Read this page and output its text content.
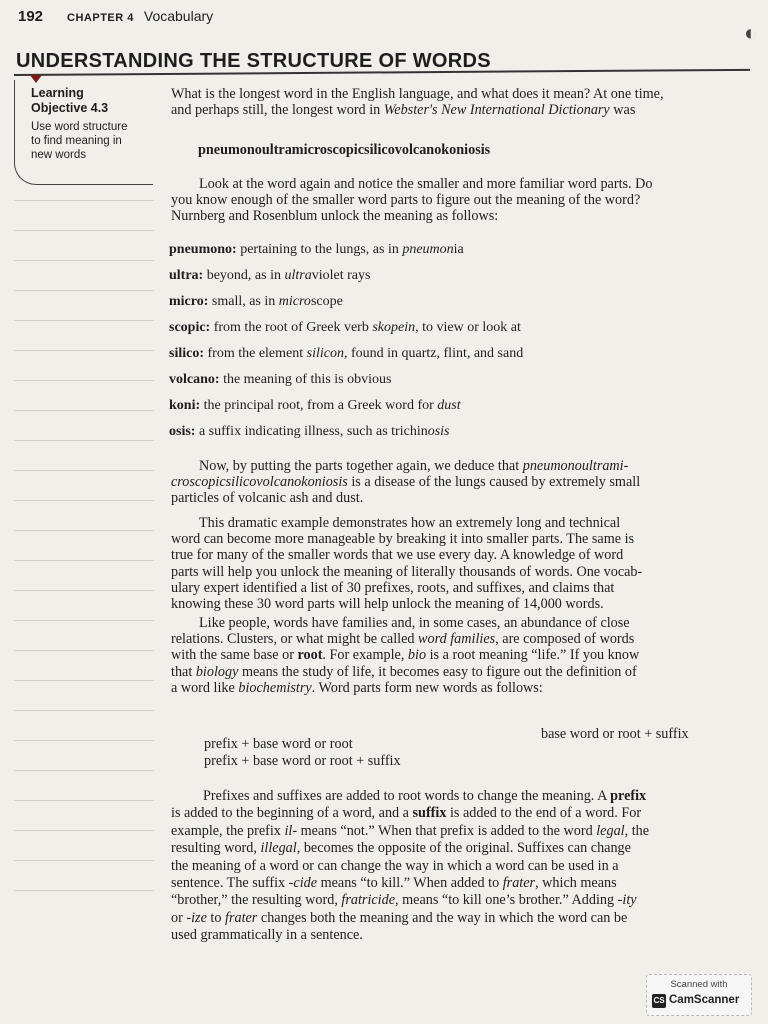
192 CHAPTER 4 Vocabulary
◐
UNDERSTANDING THE STRUCTURE OF WORDS
Learning
Objective 4.3
Use word structure
to find meaning in
new words

What is the longest word in the English language, and what does it mean? At one time,

and perhaps still, the longest word in Webster's New International Dictionary was

pneumonoultramicroscopicsilicovolcanokoniosis

Look at the word again and notice the smaller and more familiar word parts. Do

you know enough of the smaller word parts to figure out the meaning of the word?

Nurnberg and Rosenblum unlock the meaning as follows:

pneumono: pertaining to the lungs, as in pneumonia
ultra: beyond, as in ultraviolet rays
micro: small, as in microscope
scopic: from the root of Greek verb skopein, to view or look at
silico: from the element silicon, found in quartz, flint, and sand
volcano: the meaning of this is obvious
koni: the principal root, from a Greek word for dust
osis: a suffix indicating illness, such as trichinosis

Now, by putting the parts together again, we deduce that pneumonoultrami-

croscopicsilicovolcanokoniosis is a disease of the lungs caused by extremely small

particles of volcanic ash and dust.

This dramatic example demonstrates how an extremely long and technical

word can become more manageable by breaking it into smaller parts. The same is

true for many of the smaller words that we use every day. A knowledge of word

parts will help you unlock the meaning of literally thousands of words. One vocab-

ulary expert identified a list of 30 prefixes, roots, and suffixes, and claims that

knowing these 30 word parts will help unlock the meaning of 14,000 words.

Like people, words have families and, in some cases, an abundance of close

relations. Clusters, or what might be called word families, are composed of words

with the same base or root. For example, bio is a root meaning “life.” If you know

that biology means the study of life, it becomes easy to figure out the definition of

a word like biochemistry. Word parts form new words as follows:

prefix + base word or root
prefix + base word or root + suffix
base word or root + suffix

Prefixes and suffixes are added to root words to change the meaning. A prefix

is added to the beginning of a word, and a suffix is added to the end of a word. For

example, the prefix il- means “not.” When that prefix is added to the word legal, the

resulting word, illegal, becomes the opposite of the original. Suffixes can change

the meaning of a word or can change the way in which a word can be used in a

sentence. The suffix -cide means “to kill.” When added to frater, which means

“brother,” the resulting word, fratricide, means “to kill one’s brother.” Adding -ity

or -ize to frater changes both the meaning and the way in which the word can be

used grammatically in a sentence.

Scanned with
CS CamScanner
